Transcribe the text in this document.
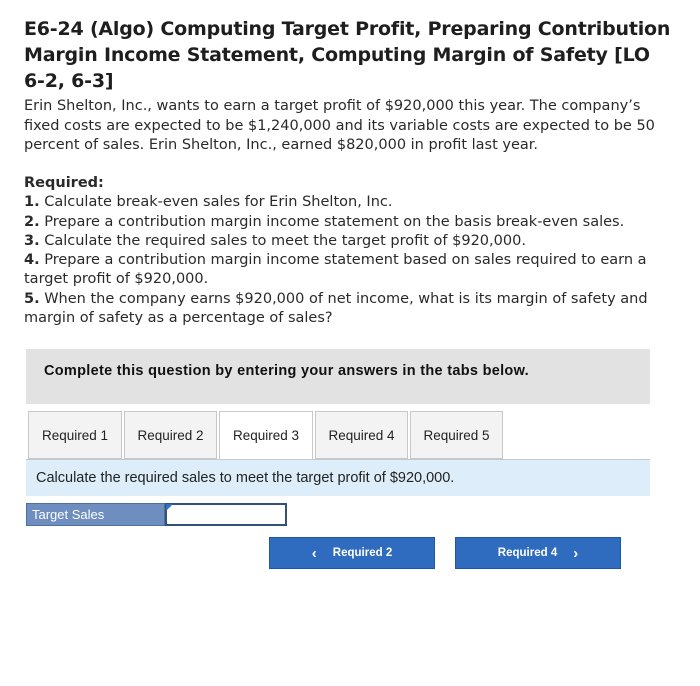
E6-24 (Algo) Computing Target Profit, Preparing Contribution Margin Income Statement, Computing Margin of Safety [LO 6-2, 6-3]
Erin Shelton, Inc., wants to earn a target profit of $920,000 this year. The company’s fixed costs are expected to be $1,240,000 and its variable costs are expected to be 50 percent of sales. Erin Shelton, Inc., earned $820,000 in profit last year.
Required:
1. Calculate break-even sales for Erin Shelton, Inc.
2. Prepare a contribution margin income statement on the basis break-even sales.
3. Calculate the required sales to meet the target profit of $920,000.
4. Prepare a contribution margin income statement based on sales required to earn a target profit of $920,000.
5. When the company earns $920,000 of net income, what is its margin of safety and margin of safety as a percentage of sales?
Complete this question by entering your answers in the tabs below.
Required 1	Required 2	Required 3	Required 4	Required 5
Calculate the required sales to meet the target profit of $920,000.
Target Sales
‹ Required 2	Required 4 ›
